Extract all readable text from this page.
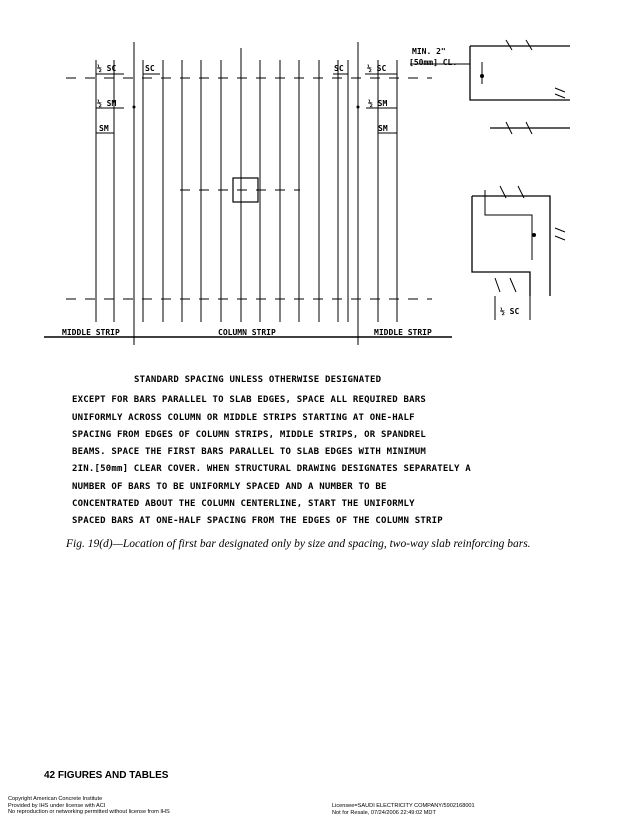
½ SC	SC	SC	½ SC
½ SM	½ SM
SM	SM
MIN. 2"
[50mm] CL.
MIDDLE STRIP	COLUMN STRIP	MIDDLE STRIP
½ SC
STANDARD SPACING UNLESS OTHERWISE DESIGNATED
EXCEPT FOR BARS PARALLEL TO SLAB EDGES, SPACE ALL REQUIRED BARS
UNIFORMLY ACROSS COLUMN OR MIDDLE STRIPS STARTING AT ONE-HALF
SPACING FROM EDGES OF COLUMN STRIPS, MIDDLE STRIPS, OR SPANDREL
BEAMS. SPACE THE FIRST BARS PARALLEL TO SLAB EDGES WITH MINIMUM
2IN.[50mm] CLEAR COVER. WHEN STRUCTURAL DRAWING DESIGNATES SEPARATELY A
NUMBER OF BARS TO BE UNIFORMLY SPACED AND A NUMBER TO BE
CONCENTRATED ABOUT THE COLUMN CENTERLINE, START THE UNIFORMLY
SPACED BARS AT ONE-HALF SPACING FROM THE EDGES OF THE COLUMN STRIP
Fig. 19(d)—Location of first bar designated only by size and spacing, two-way slab reinforcing bars.
42 FIGURES AND TABLES
Copyright American Concrete Institute
Provided by IHS under license with ACI
No reproduction or networking permitted without license from IHS
Licensee=SAUDI ELECTRICITY COMPANY/5902168001
Not for Resale, 07/24/2006 22:49:02 MDT
